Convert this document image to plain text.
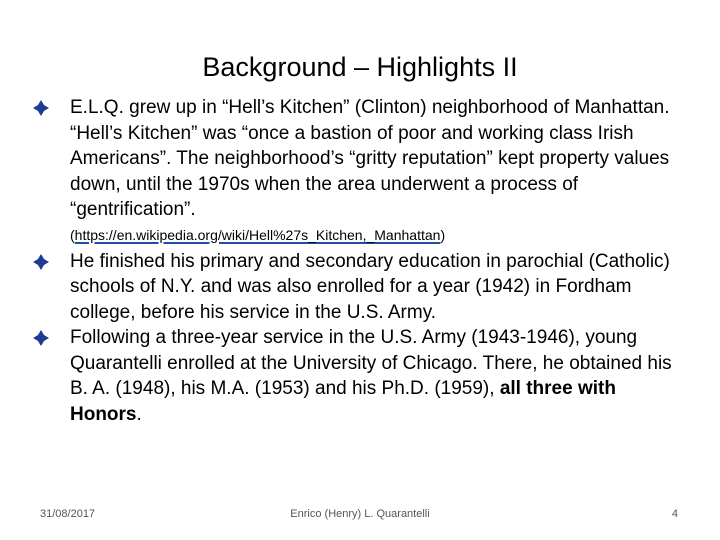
Background – Highlights II

E.L.Q. grew up in “Hell’s Kitchen” (Clinton) neighborhood of Manhattan. “Hell’s Kitchen” was “once a bastion of poor and working class Irish Americans”. The neighborhood’s “gritty reputation” kept property values down, until the 1970s when the area underwent a process of “gentrification”.

(https://en.wikipedia.org/wiki/Hell%27s_Kitchen,_Manhattan)

He finished his primary and secondary education in parochial (Catholic) schools of N.Y. and was also enrolled for a year (1942) in Fordham college, before his service in the U.S. Army.

Following a three-year service in the U.S. Army (1943-1946), young Quarantelli enrolled at the University of Chicago. There, he obtained his B. A. (1948), his M.A. (1953) and his Ph.D. (1959), all three with Honors.

31/08/2017	Enrico (Henry) L. Quarantelli	4
